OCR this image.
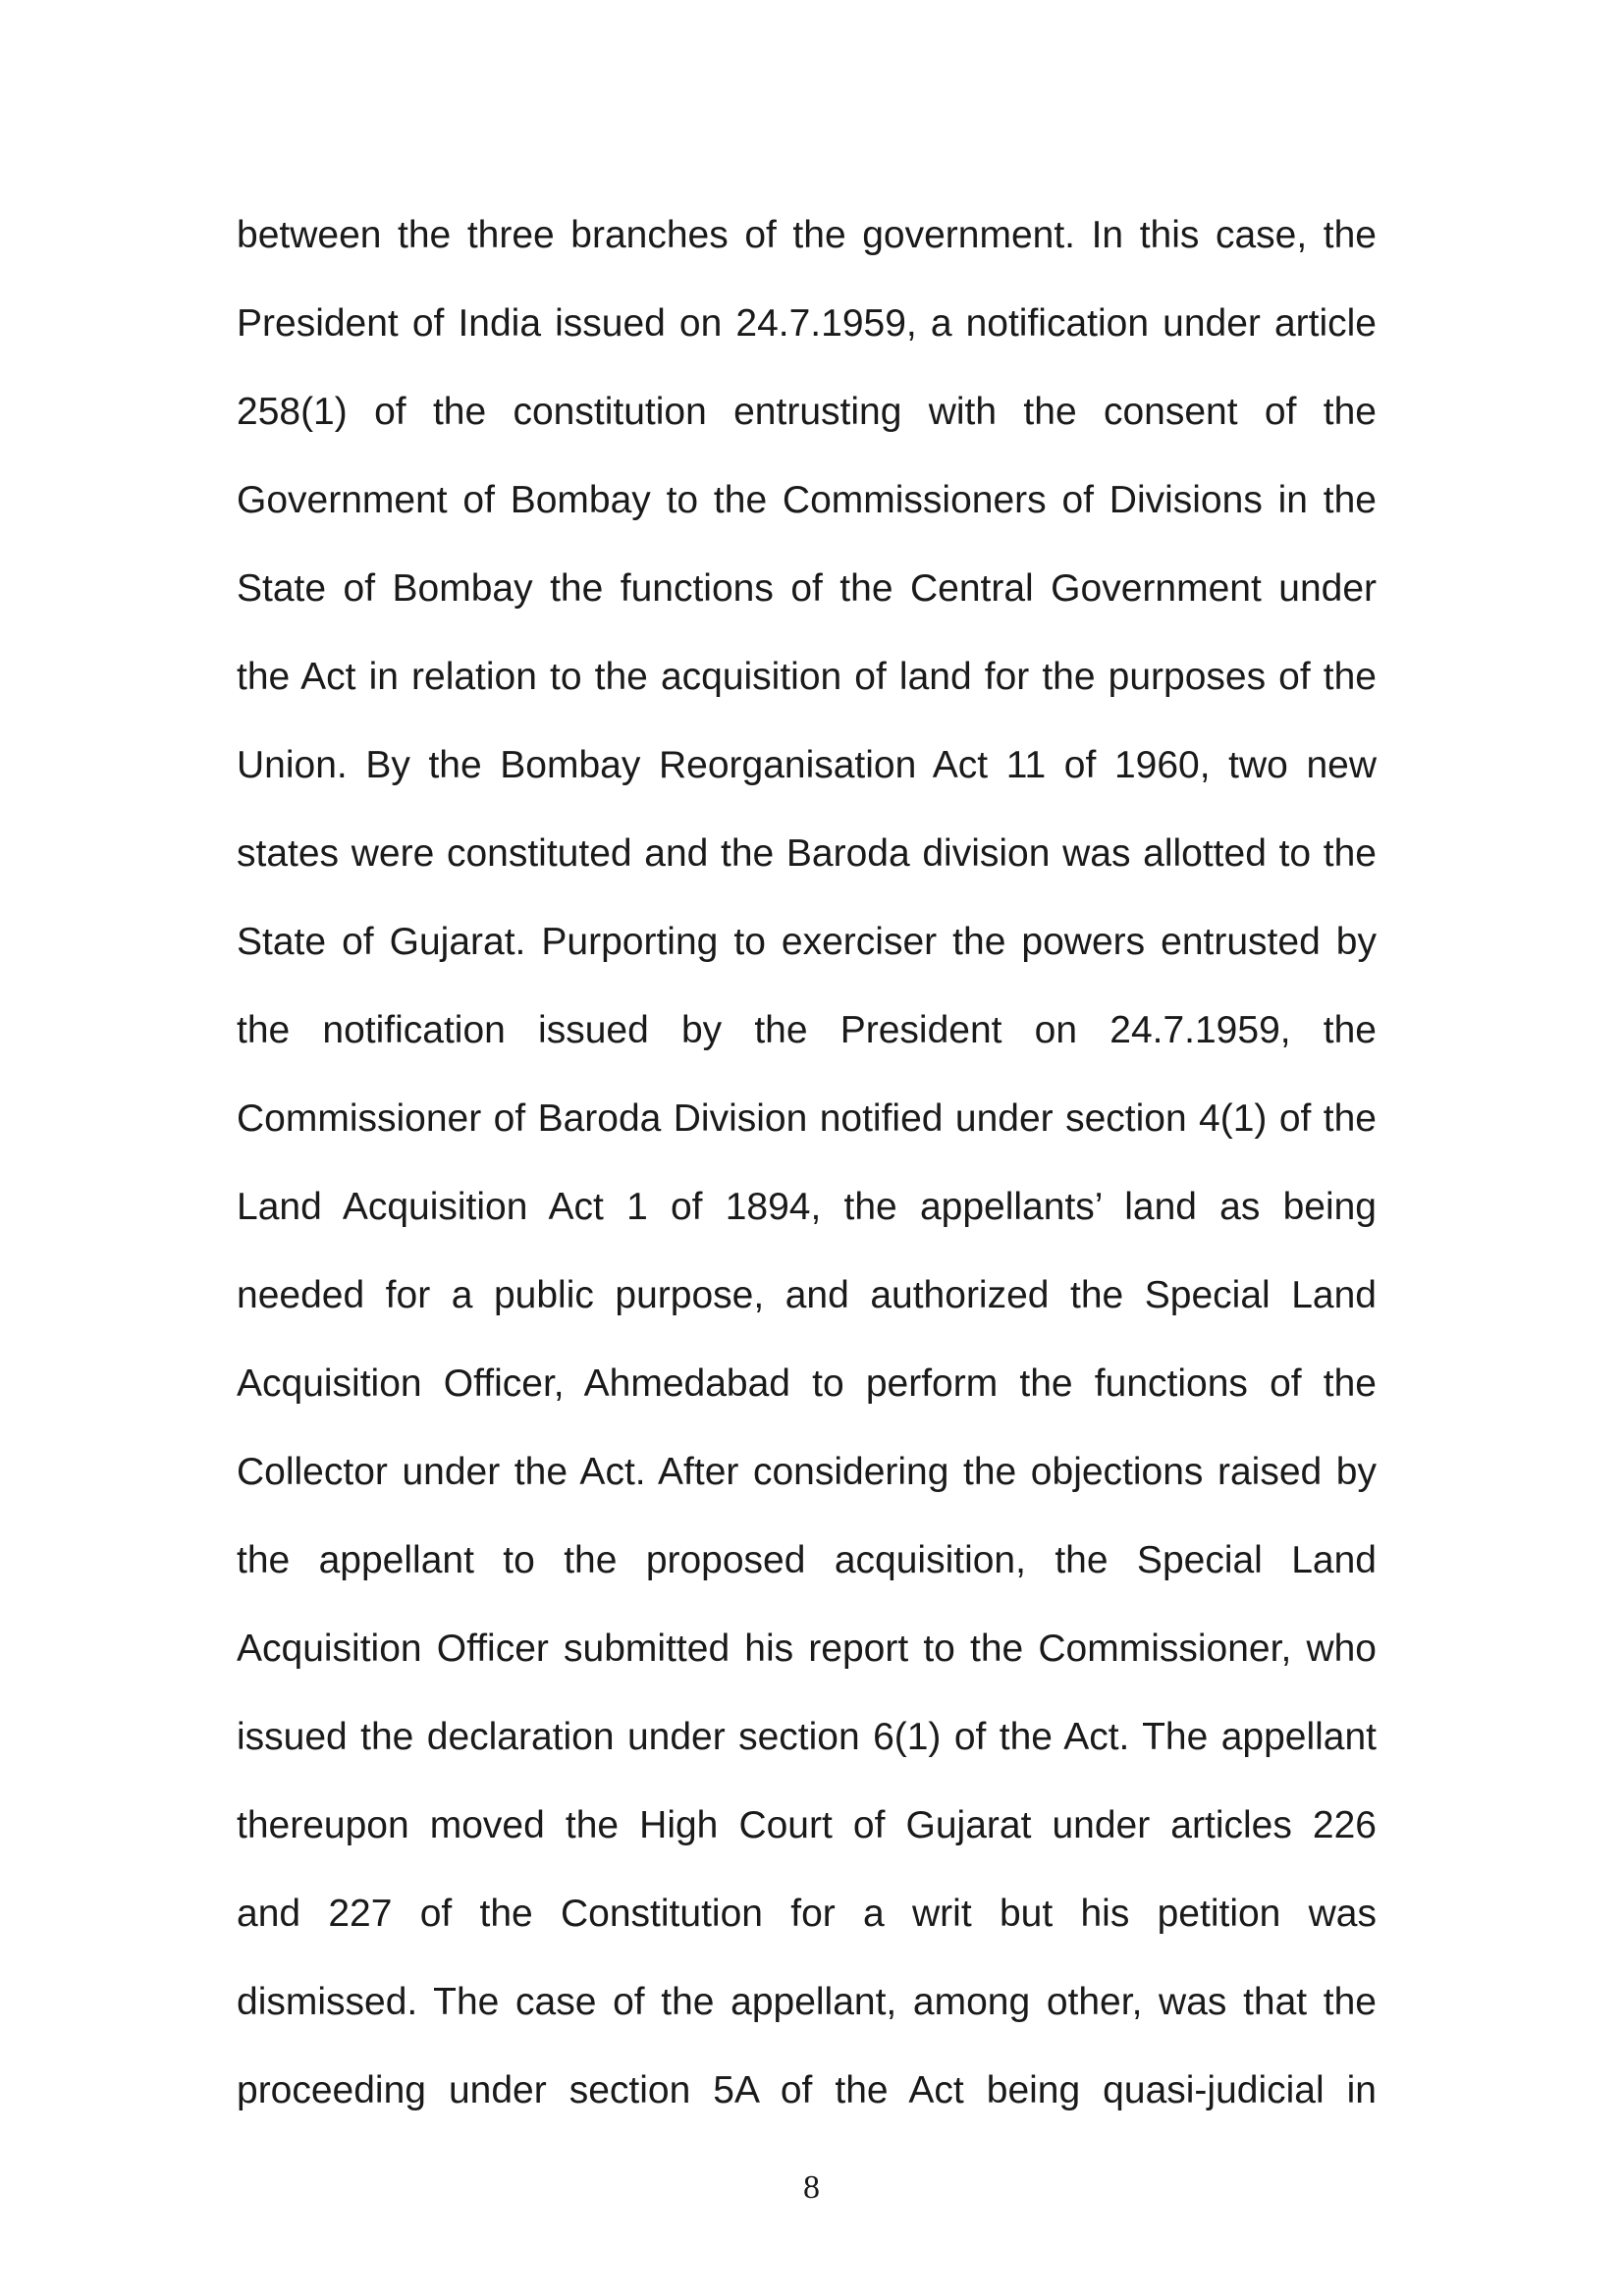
between the three branches of the government. In this case, the
President of India issued on 24.7.1959, a notification under article
258(1) of the constitution entrusting with the consent of the
Government of Bombay to the Commissioners of Divisions in the
State of Bombay the functions of the Central Government under
the Act in relation to the acquisition of land for the purposes of the
Union. By the Bombay Reorganisation Act 11 of 1960, two new
states were constituted and the Baroda division was allotted to the
State of Gujarat. Purporting to exerciser the powers entrusted by
the notification issued by the President on 24.7.1959, the
Commissioner of Baroda Division notified under section 4(1) of the
Land Acquisition Act 1 of 1894, the appellants’ land as being
needed for a public purpose, and authorized the Special Land
Acquisition Officer, Ahmedabad to perform the functions of the
Collector under the Act. After considering the objections raised by
the appellant to the proposed acquisition, the Special Land
Acquisition Officer submitted his report to the Commissioner, who
issued the declaration under section 6(1) of the Act. The appellant
thereupon moved the High Court of Gujarat under articles 226
and 227 of the Constitution for a writ but his petition was
dismissed. The case of the appellant, among other, was that the
proceeding under section 5A of the Act being quasi-judicial in
8
